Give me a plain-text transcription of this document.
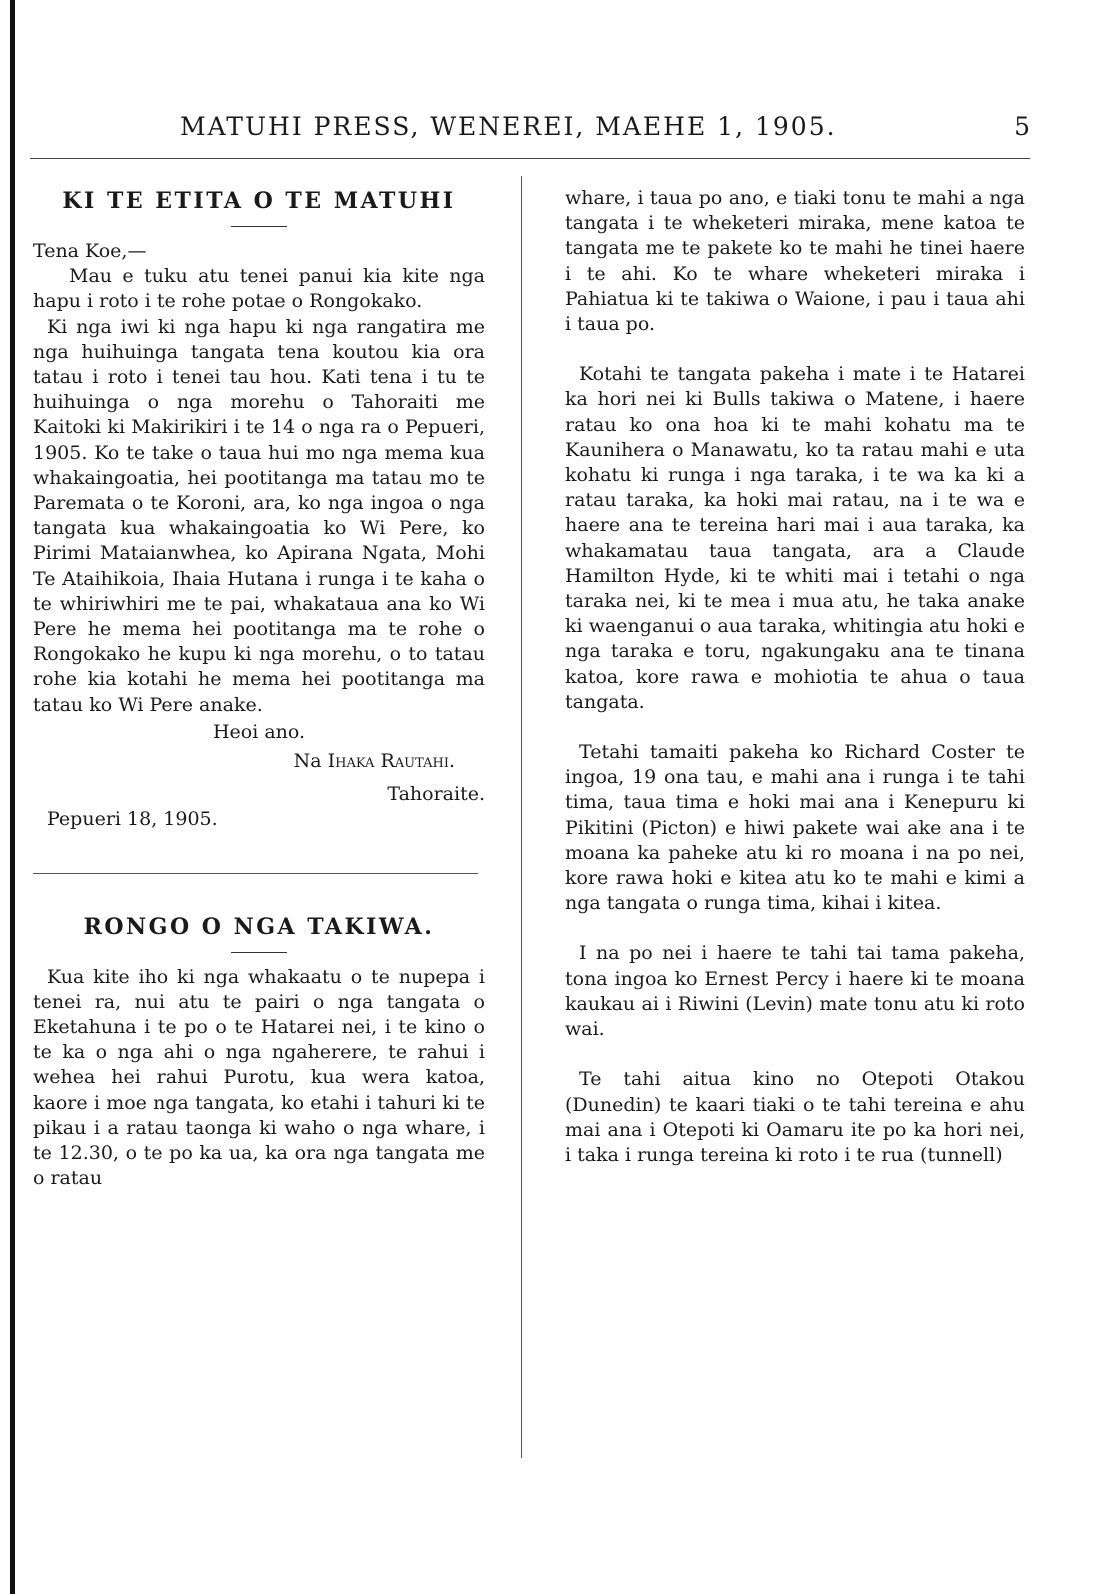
MATUHI PRESS, WENEREI, MAEHE 1, 1905.	5
KI TE ETITA O TE MATUHI

Tena Koe,—

Mau e tuku atu tenei panui kia kite nga hapu i roto i te rohe potae o Rongokako.

Ki nga iwi ki nga hapu ki nga rangatira me nga huihuinga tangata tena koutou kia ora tatau i roto i tenei tau hou. Kati tena i tu te huihuinga o nga morehu o Tahoraiti me Kaitoki ki Makirikiri i te 14 o nga ra o Pepueri, 1905. Ko te take o taua hui mo nga mema kua whakaingoatia, hei pootitanga ma tatau mo te Paremata o te Koroni, ara, ko nga ingoa o nga tangata kua whakaingoatia ko Wi Pere, ko Pirimi Mataianwhea, ko Apirana Ngata, Mohi Te Ataihikoia, Ihaia Hutana i runga i te kaha o te whiriwhiri me te pai, whakataua ana ko Wi Pere he mema hei pootitanga ma te rohe o Rongokako he kupu ki nga morehu, o to tatau rohe kia kotahi he mema hei pootitanga ma tatau ko Wi Pere anake.

Heoi ano.

Na Ihaka Rautahi.

Tahoraite.

Pepueri 18, 1905.

RONGO O NGA TAKIWA.

Kua kite iho ki nga whakaatu o te nupepa i tenei ra, nui atu te pairi o nga tangata o Eketahuna i te po o te Hatarei nei, i te kino o te ka o nga ahi o nga ngaherere, te rahui i wehea hei rahui Purotu, kua wera katoa, kaore i moe nga tangata, ko etahi i tahuri ki te pikau i a ratau taonga ki waho o nga whare, i te 12.30, o te po ka ua, ka ora nga tangata me o ratau

whare, i taua po ano, e tiaki tonu te mahi a nga tangata i te wheketeri miraka, mene katoa te tangata me te pakete ko te mahi he tinei haere i te ahi. Ko te whare wheketeri miraka i Pahiatua ki te takiwa o Waione, i pau i taua ahi i taua po.

Kotahi te tangata pakeha i mate i te Hatarei ka hori nei ki Bulls takiwa o Matene, i haere ratau ko ona hoa ki te mahi kohatu ma te Kaunihera o Manawatu, ko ta ratau mahi e uta kohatu ki runga i nga taraka, i te wa ka ki a ratau taraka, ka hoki mai ratau, na i te wa e haere ana te tereina hari mai i aua taraka, ka whakamatau taua tangata, ara a Claude Hamilton Hyde, ki te whiti mai i tetahi o nga taraka nei, ki te mea i mua atu, he taka anake ki waenganui o aua taraka, whitingia atu hoki e nga taraka e toru, ngakungaku ana te tinana katoa, kore rawa e mohiotia te ahua o taua tangata.

Tetahi tamaiti pakeha ko Richard Coster te ingoa, 19 ona tau, e mahi ana i runga i te tahi tima, taua tima e hoki mai ana i Kenepuru ki Pikitini (Picton) e hiwi pakete wai ake ana i te moana ka paheke atu ki ro moana i na po nei, kore rawa hoki e kitea atu ko te mahi e kimi a nga tangata o runga tima, kihai i kitea.

I na po nei i haere te tahi tai tama pakeha, tona ingoa ko Ernest Percy i haere ki te moana kaukau ai i Riwini (Levin) mate tonu atu ki roto wai.

Te tahi aitua kino no Otepoti Otakou (Dunedin) te kaari tiaki o te tahi tereina e ahu mai ana i Otepoti ki Oamaru ite po ka hori nei, i taka i runga tereina ki roto i te rua (tunnell)
